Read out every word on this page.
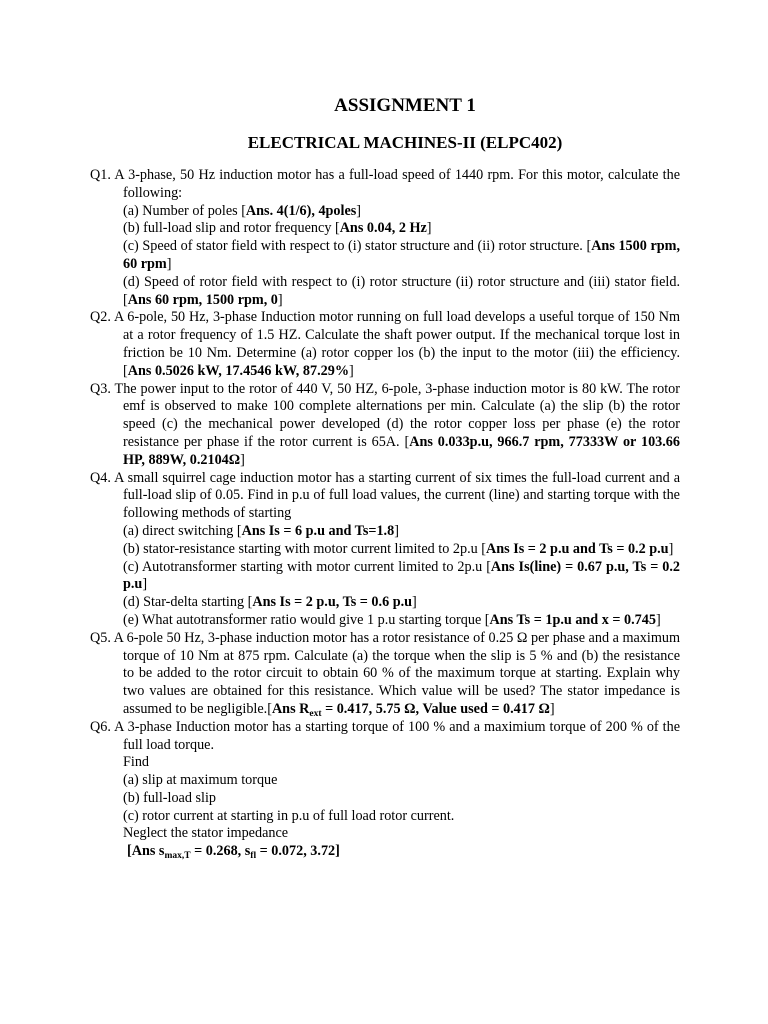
ASSIGNMENT 1
ELECTRICAL MACHINES-II (ELPC402)
Q1. A 3-phase, 50 Hz induction motor has a full-load speed of 1440 rpm. For this motor, calculate the following:
(a) Number of poles [Ans. 4(1/6), 4poles]
(b) full-load slip and rotor frequency [Ans 0.04, 2 Hz]
(c) Speed of stator field with respect to (i) stator structure and (ii) rotor structure. [Ans 1500 rpm, 60 rpm]
(d) Speed of rotor field with respect to (i) rotor structure (ii) rotor structure and (iii) stator field. [Ans 60 rpm, 1500 rpm, 0]
Q2. A 6-pole, 50 Hz, 3-phase Induction motor running on full load develops a useful torque of 150 Nm at a rotor frequency of 1.5 HZ. Calculate the shaft power output. If the mechanical torque lost in friction be 10 Nm. Determine (a) rotor copper los (b) the input to the motor (iii) the efficiency. [Ans 0.5026 kW, 17.4546 kW, 87.29%]
Q3. The power input to the rotor of 440 V, 50 HZ, 6-pole, 3-phase induction motor is 80 kW. The rotor emf is observed to make 100 complete alternations per min. Calculate (a) the slip (b) the rotor speed (c) the mechanical power developed (d) the rotor copper loss per phase (e) the rotor resistance per phase if the rotor current is 65A. [Ans 0.033p.u, 966.7 rpm, 77333W or 103.66 HP, 889W, 0.2104Ω]
Q4. A small squirrel cage induction motor has a starting current of six times the full-load current and a full-load slip of 0.05. Find in p.u of full load values, the current (line) and starting torque with the following methods of starting
(a) direct switching [Ans Is = 6 p.u and Ts=1.8]
(b) stator-resistance starting with motor current limited to 2p.u [Ans Is = 2 p.u and Ts = 0.2 p.u]
(c) Autotransformer starting with motor current limited to 2p.u [Ans Is(line) = 0.67 p.u, Ts = 0.2 p.u]
(d) Star-delta starting [Ans Is = 2 p.u, Ts = 0.6 p.u]
(e) What autotransformer ratio would give 1 p.u starting torque [Ans Ts = 1p.u and x = 0.745]
Q5. A 6-pole 50 Hz, 3-phase induction motor has a rotor resistance of 0.25 Ω per phase and a maximum torque of 10 Nm at 875 rpm. Calculate (a) the torque when the slip is 5 % and (b) the resistance to be added to the rotor circuit to obtain 60 % of the maximum torque at starting. Explain why two values are obtained for this resistance. Which value will be used? The stator impedance is assumed to be negligible.[Ans $R_{ext} = 0.417$, 5.75 Ω, Value used = 0.417 Ω]
Q6. A 3-phase Induction motor has a starting torque of 100 % and a maximium torque of 200 % of the full load torque.
Find
(a) slip at maximum torque
(b) full-load slip
(c) rotor current at starting in p.u of full load rotor current.
Neglect the stator impedance
[Ans $s_{max,T} = 0.268$, $s_{fl} = 0.072$, 3.72]
